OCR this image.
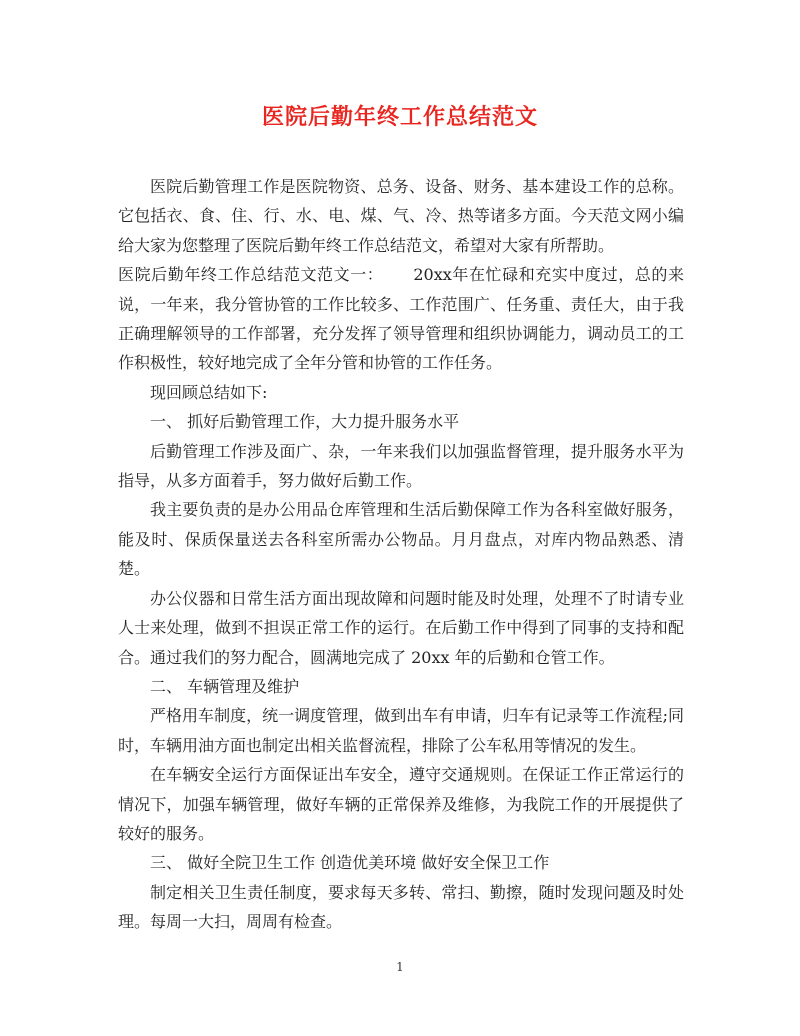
医院后勤年终工作总结范文

医院后勤管理工作是医院物资、总务、设备、财务、基本建设工作的总称。它包括衣、食、住、行、水、电、煤、气、冷、热等诸多方面。今天范文网小编给大家为您整理了医院后勤年终工作总结范文，希望对大家有所帮助。

医院后勤年终工作总结范文范文一： 20xx年在忙碌和充实中度过，总的来说，一年来，我分管协管的工作比较多、工作范围广、任务重、责任大，由于我正确理解领导的工作部署，充分发挥了领导管理和组织协调能力，调动员工的工作积极性，较好地完成了全年分管和协管的工作任务。

现回顾总结如下:

一、 抓好后勤管理工作，大力提升服务水平

后勤管理工作涉及面广、杂，一年来我们以加强监督管理，提升服务水平为指导，从多方面着手，努力做好后勤工作。

我主要负责的是办公用品仓库管理和生活后勤保障工作为各科室做好服务，能及时、保质保量送去各科室所需办公物品。月月盘点，对库内物品熟悉、清楚。

办公仪器和日常生活方面出现故障和问题时能及时处理，处理不了时请专业人士来处理，做到不担误正常工作的运行。在后勤工作中得到了同事的支持和配合。通过我们的努力配合，圆满地完成了 20xx 年的后勤和仓管工作。

二、 车辆管理及维护

严格用车制度，统一调度管理，做到出车有申请，归车有记录等工作流程;同时，车辆用油方面也制定出相关监督流程，排除了公车私用等情况的发生。

在车辆安全运行方面保证出车安全，遵守交通规则。在保证工作正常运行的情况下，加强车辆管理，做好车辆的正常保养及维修，为我院工作的开展提供了较好的服务。

三、 做好全院卫生工作 创造优美环境 做好安全保卫工作

制定相关卫生责任制度，要求每天多转、常扫、勤擦，随时发现问题及时处理。每周一大扫，周周有检查。

1
